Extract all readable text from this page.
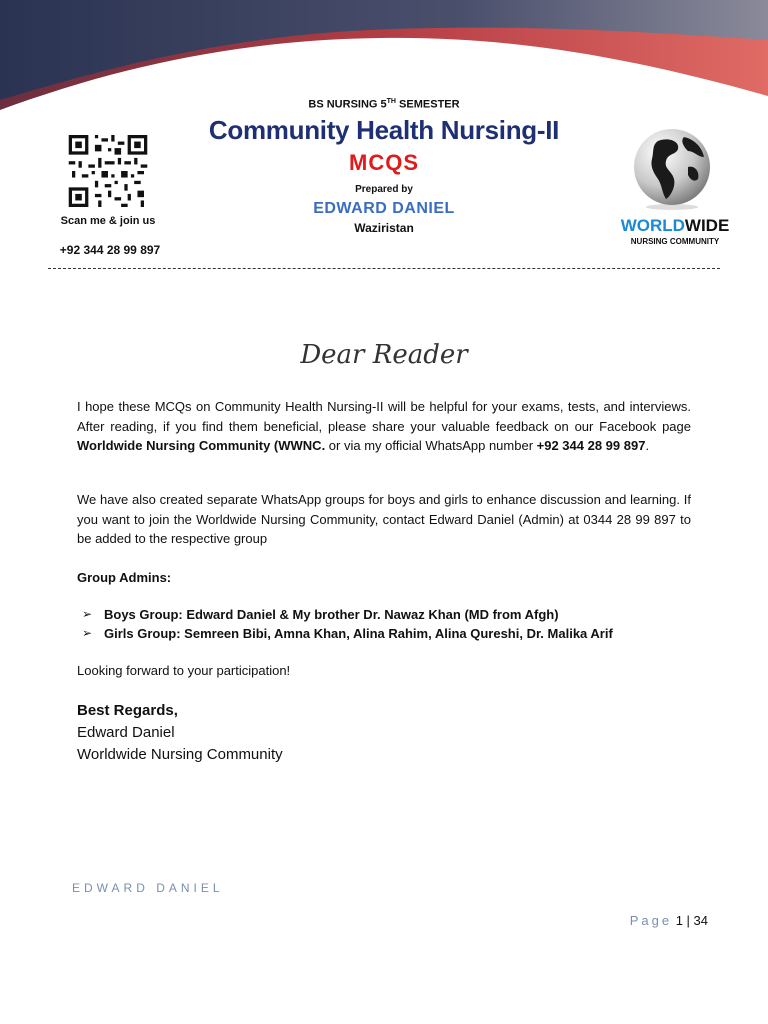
Scan me & join us
+92 344 28 99 897
BS NURSING 5TH SEMESTER
Community Health Nursing-II
MCQS
Prepared by
EDWARD DANIEL
Waziristan	WORLDWIDE
NURSING COMMUNITY
Dear Reader
I hope these MCQs on Community Health Nursing-II will be helpful for your exams, tests, and interviews. After reading, if you find them beneficial, please share your valuable feedback on our Facebook page Worldwide Nursing Community (WWNC. or via my official WhatsApp number +92 344 28 99 897.
We have also created separate WhatsApp groups for boys and girls to enhance discussion and learning. If you want to join the Worldwide Nursing Community, contact Edward Daniel (Admin) at 0344 28 99 897 to be added to the respective group
Group Admins:
➢ Boys Group: Edward Daniel & My brother Dr. Nawaz Khan (MD from Afgh)
➢ Girls Group: Semreen Bibi, Amna Khan, Alina Rahim, Alina Qureshi, Dr. Malika Arif
Looking forward to your participation!
Best Regards,
Edward Daniel
Worldwide Nursing Community
EDWARD DANIEL
Page 1 | 34
